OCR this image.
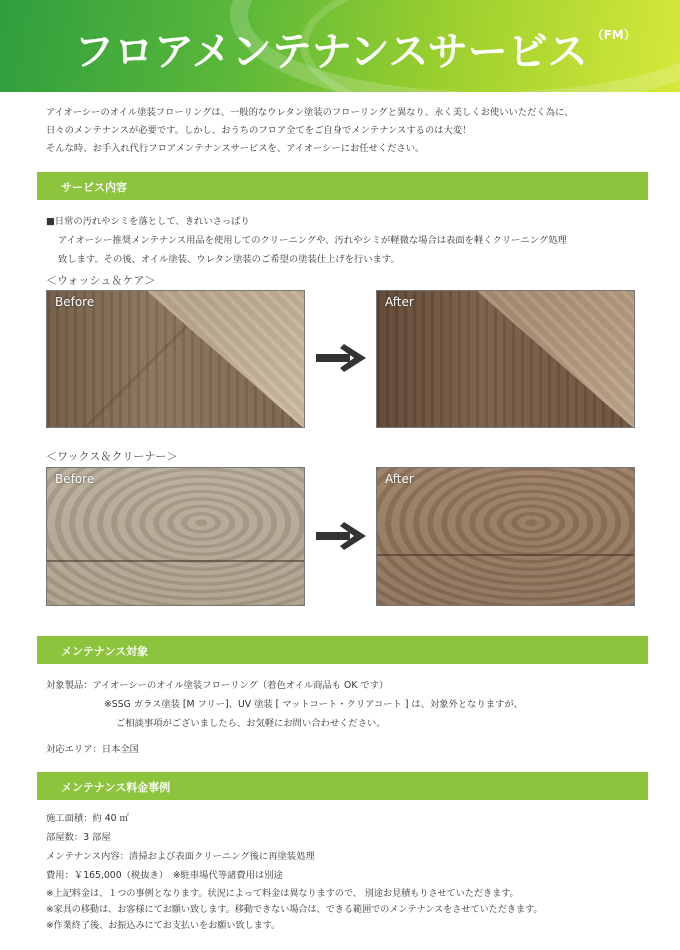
フロアメンテナンスサービス $^{(FM)}$
アイオーシーのオイル塗装フローリングは、一般的なウレタン塗装のフローリングと異なり、永く美しくお使いいただく為に、
日々のメンテナンスが必要です。しかし、おうちのフロア全てをご自身でメンテナンスするのは大変！
そんな時、お手入れ代行フロアメンテナンスサービスを、アイオーシーにお任せください。
サービス内容
■日常の汚れやシミを落として、きれいさっぱり
アイオーシー推奨メンテナンス用品を使用してのクリーニングや、汚れやシミが軽微な場合は表面を軽くクリーニング処理
致します。その後、オイル塗装、ウレタン塗装のご希望の塗装仕上げを行います。
＜ウォッシュ＆ケア＞
Before	After
＜ワックス＆クリーナー＞
Before	After
メンテナンス対象
対象製品：アイオーシーのオイル塗装フローリング（着色オイル商品も OK です）
※SSG ガラス塗装 [M フリー]、UV 塗装 [ マットコート・クリアコート ] は、対象外となりますが、
ご相談事項がございましたら、お気軽にお問い合わせください。
対応エリア：日本全国
メンテナンス料金事例
施工面積：約 40 ㎡
部屋数：3 部屋
メンテナンス内容：清掃および表面クリーニング後に再塗装処理
費用：￥165,000（税抜き）　※駐車場代等諸費用は別途
※上記料金は、１つの事例となります。状況によって料金は異なりますので、 別途お見積もりさせていただきます。
※家具の移動は、お客様にてお願い致します。移動できない場合は、できる範囲でのメンテナンスをさせていただきます。
※作業終了後、お振込みにてお支払いをお願い致します。
